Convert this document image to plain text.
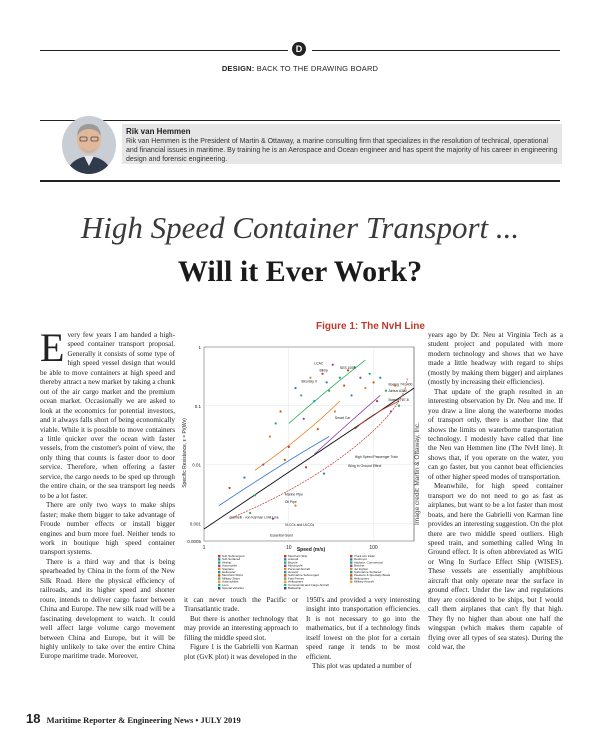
D
DESIGN: BACK TO THE DRAWING BOARD
Rik van Hemmen
Rik van Hemmen is the President of Martin & Ottaway, a marine consulting firm that specializes in the resolution of technical, operational and financial issues in maritime. By training he is an Aerospace and Ocean engineer and has spent the majority of his career in engineering design and forensic engineering.
High Speed Container Transport ...
Will it Ever Work?
E very few years I am handed a high-speed container transport proposal. Generally it consists of some type of high speed vessel design that would be able to move containers at high speed and thereby attract a new market by taking a chunk out of the air cargo market and the premium ocean market. Occasionally we are asked to look at the economics for potential investors, and it always falls short of being economically viable. While it is possible to move containers a little quicker over the ocean with faster vessels, from the customer's point of view, the only thing that counts is faster door to door service. Therefore, when offering a faster service, the cargo needs to be sped up through the entire chain, or the sea transport leg needs to be a lot faster.

There are only two ways to make ships faster; make them bigger to take advantage of Froude number effects or install bigger engines and burn more fuel. Neither tends to work in boutique high speed container transport systems.

There is a third way and that is being spearheaded by China in the form of the New Silk Road. Here the physical efficiency of railroads, and its higher speed and shorter route, intends to deliver cargo faster between China and Europe. The new silk road will be a fascinating development to watch. It could well affect large volume cargo movement between China and Europe, but it will be highly unlikely to take over the entire China Europe maritime trade. Moreover,

Figure 1: The NvH Line
Specific Resistance, ε = P/(Wv)
Speed (m/s)
1	10	100
1
0.1
0.01
0.001
0.0005
LCAC
Sikorsky II
Blimp
SES 100B
Boeing 747-400
Airbus A380
Boeing 787-8
Smart Car
High Speed Passenger Train
Wing In Ground Effect
Marine Pipe
Oil Pipe
Gabrielli - von Karman Limit Line
VLCCs and ULCCs
Essential Giant
Sub Submergent
Sub Surfaced
Airship
Automobile
Steplane
Helicopter
Merchant Ships
Military Ships
Automobiles
Loco
Special Vehicles
Merchant Ship
Autorail
Bicycle
Motorcycle
Personal Aircraft
Hovercr
Submarine Submerged
Fast Ferries
Helicopters
Commercial and Cargo Aircraft
Battleship
Truck w/o trailer
Destroyer
Airplane, Commercial
Bomber
Jet Fighter
Submarine Surfaced
Pleasure & Specialty Boats
Helicopters
Military Aircraft
Image credit: Martin & Ottaway, Inc.

it can never touch the Pacific or Transatlantic trade.

But there is another technology that may provide an interesting approach to filling the middle speed slot.

Figure 1 is the Gabrielli von Karman plot (GvK plot) it was developed in the

1950's and provided a very interesting insight into transportation efficiencies. It is not necessary to go into the mathematics, but if a technology finds itself lowest on the plot for a certain speed range it tends to be most efficient.

This plot was updated a number of

years ago by Dr. Neu at Virginia Tech as a student project and populated with more modern technology and shows that we have made a little headway with regard to ships (mostly by making them bigger) and airplanes (mostly by increasing their efficiencies).

That update of the graph resulted in an interesting observation by Dr. Neu and me. If you draw a line along the waterborne modes of transport only, there is another line that shows the limits on waterborne transportation technology. I modestly have called that line the Neu van Hemmen line (The NvH line). It shows that, if you operate on the water, you can go faster, but you cannot beat efficiencies of other higher speed modes of transportation.

Meanwhile, for high speed container transport we do not need to go as fast as airplanes, but want to be a lot faster than most boats, and here the Gabrielli von Karman line provides an interesting suggestion. On the plot there are two middle speed outliers. High speed train, and something called Wing In Ground effect. It is often abbreviated as WIG or Wing In Surface Effect Ship (WISES). These vessels are essentially amphibious aircraft that only operate near the surface in ground effect. Under the law and regulations they are considered to be ships, but I would call them airplanes that can't fly that high. They fly no higher than about one half the wingspan (which makes them capable of flying over all types of sea states). During the cold war, the

18 Maritime Reporter & Engineering News • JULY 2019
